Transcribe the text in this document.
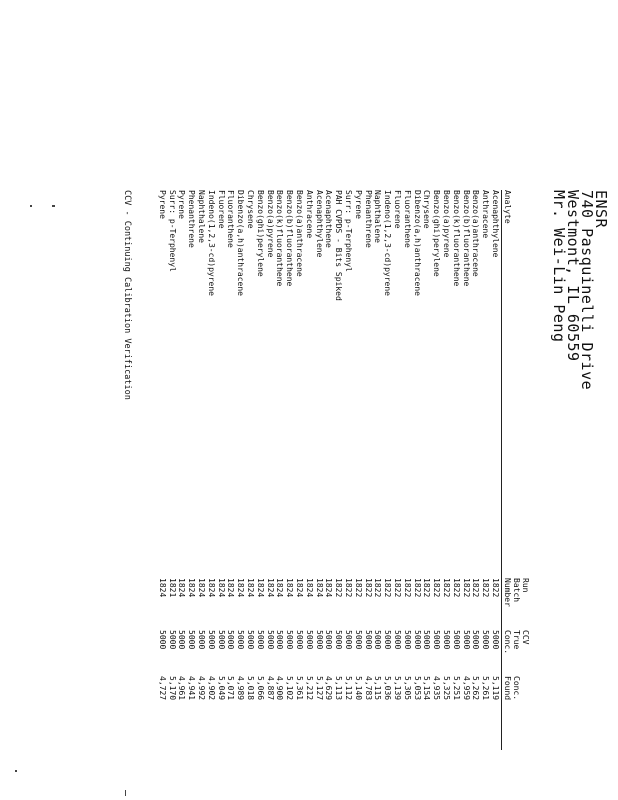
ENSR
740 Pasquinelli Drive
Westmont, IL 60559
Mr. Wei-Lin Peng
Analyte
Run
Batch
Number
CCV
True
Conc.
Conc.
Found
Acenaphthylene
1822
5000
5,119
Anthracene
1822
5000
5,261
Benzo(a)anthracene
1822
5000
5,262
Benzo(b)fluoranthene
1822
5000
4,959
Benzo(k)fluoranthene
1822
5000
5,251
Benzo(a)pyrene
1822
5000
5,325
Benzo(ghi)perylene
1822
5000
4,935
Chrysene
1822
5000
5,154
Dibenzo(a,h)anthracene
1822
5000
5,053
Fluoranthene
1822
5000
5,305
Fluorene
1822
5000
5,139
Indeno(1,2,3-cd)pyrene
1822
5000
5,036
Naphthalene
1822
5000
5,115
Phenanthrene
1822
5000
4,783
Pyrene
1822
5000
5,140
Surr: p-Terphenyl
1822
5000
5,112
PAH CVPDS - Bits Spiked
1822
5000
5,113
Acenaphthene
1824
5000
4,629
Acenaphthylene
1824
5000
5,127
Anthracene
1824
5000
5,212
Benzo(a)anthracene
1824
5000
5,361
Benzo(b)fluoranthene
1824
5000
5,102
Benzo(k)fluoranthene
1824
5000
4,900
Benzo(a)pyrene
1824
5000
4,887
Benzo(ghi)perylene
1824
5000
5,066
Chrysene
1824
5000
5,018
Dibenzo(a,h)anthracene
1824
5000
4,989
Fluoranthene
1824
5000
5,071
Fluorene
1824
5000
5,049
Indeno(1,2,3-cd)pyrene
1824
5000
4,902
Naphthalene
1824
5000
4,992
Phenanthrene
1824
5000
4,941
Pyrene
1824
5000
4,961
Surr: p-Terphenyl
1821
5000
5,170
Pyrene
1824
5000
4,727
CCV - Continuing Calibration Verification
